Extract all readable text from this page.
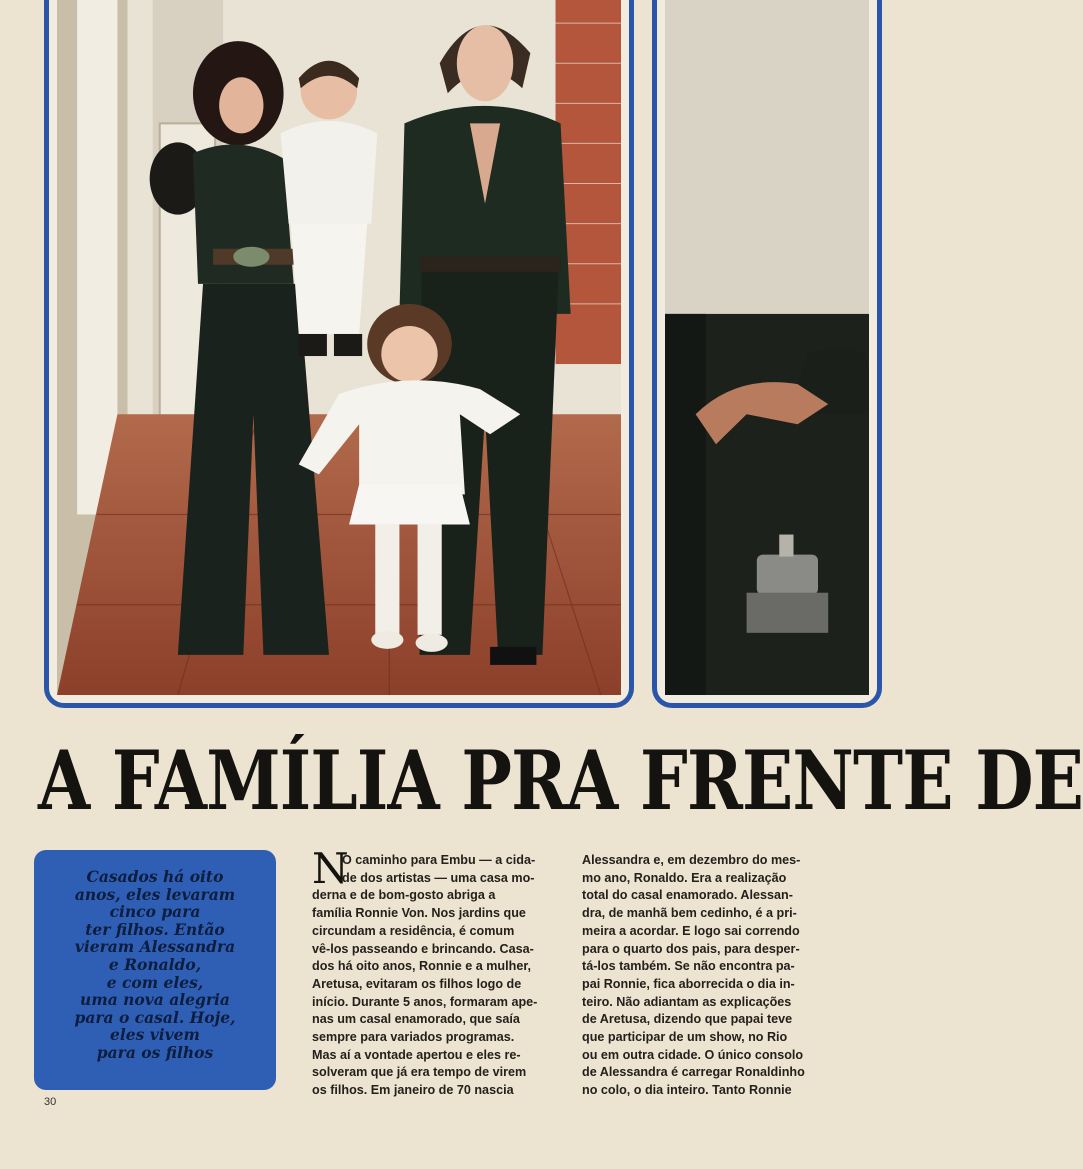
A FAMÍLIA PRA FRENTE DE
Casados há oito
anos, eles levaram
cinco para
ter filhos. Então
vieram Alessandra
e Ronaldo,
e com eles,
uma nova alegria
para o casal. Hoje,
eles vivem
para os filhos
N

O caminho para Embu — a cida-
de dos artistas — uma casa mo-
derna e de bom-gosto abriga a
família Ronnie Von. Nos jardins que
circundam a residência, é comum
vê-los passeando e brincando. Casa-
dos há oito anos, Ronnie e a mulher,
Aretusa, evitaram os filhos logo de
início. Durante 5 anos, formaram ape-
nas um casal enamorado, que saía
sempre para variados programas.
Mas aí a vontade apertou e eles re-
solveram que já era tempo de virem
os filhos. Em janeiro de 70 nascia

Alessandra e, em dezembro do mes-
mo ano, Ronaldo. Era a realização
total do casal enamorado. Alessan-
dra, de manhã bem cedinho, é a pri-
meira a acordar. E logo sai correndo
para o quarto dos pais, para desper-
tá-los também. Se não encontra pa-
pai Ronnie, fica aborrecida o dia in-
teiro. Não adiantam as explicações
de Aretusa, dizendo que papai teve
que participar de um show, no Rio
ou em outra cidade. O único consolo
de Alessandra é carregar Ronaldinho
no colo, o dia inteiro. Tanto Ronnie

30
